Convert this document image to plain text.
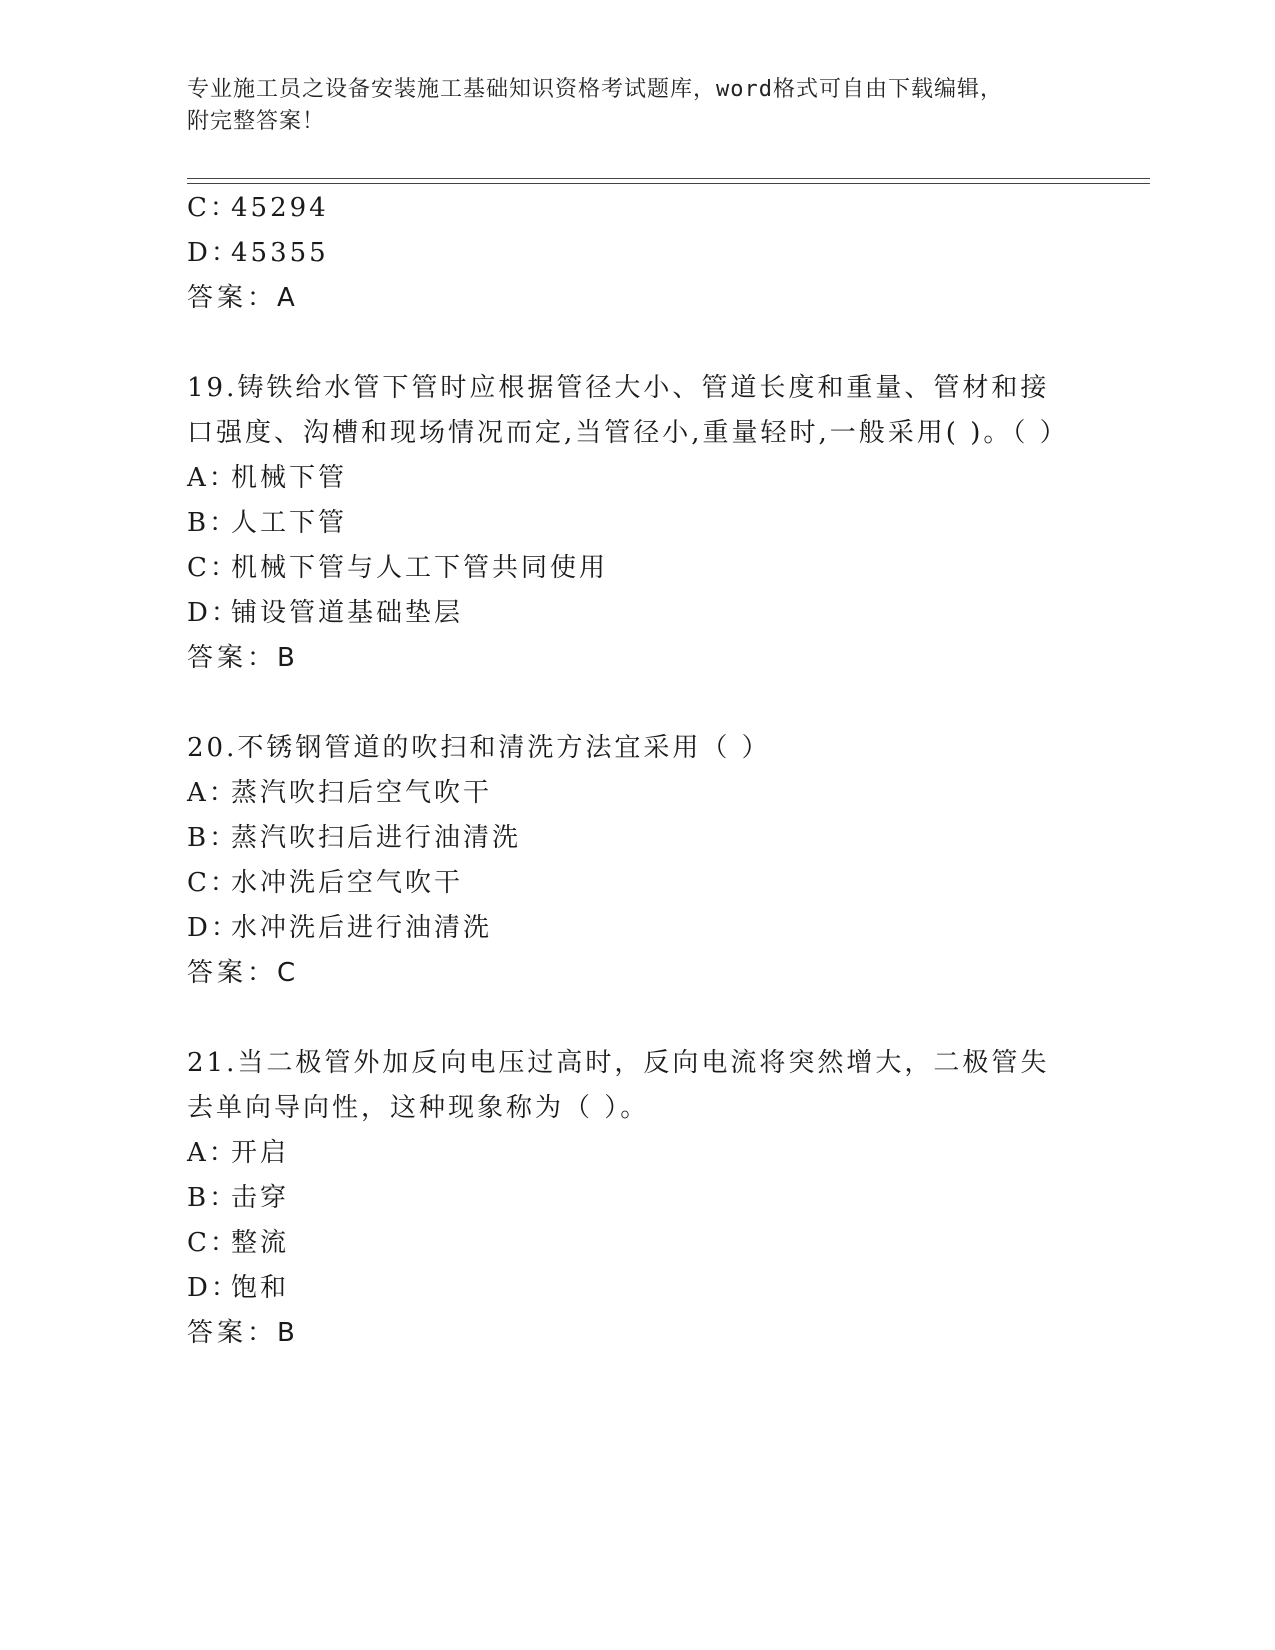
专业施工员之设备安装施工基础知识资格考试题库，word格式可自由下载编辑，
附完整答案！
C：45294
D：45355
答案：A
19.铸铁给水管下管时应根据管径大小、管道长度和重量、管材和接口强度、沟槽和现场情况而定,当管径小,重量轻时,一般采用( )。（ ）
A：机械下管
B：人工下管
C：机械下管与人工下管共同使用
D：铺设管道基础垫层
答案：B
20.不锈钢管道的吹扫和清洗方法宜采用（ ）
A：蒸汽吹扫后空气吹干
B：蒸汽吹扫后进行油清洗
C：水冲洗后空气吹干
D：水冲洗后进行油清洗
答案：C
21.当二极管外加反向电压过高时，反向电流将突然增大，二极管失去单向导向性，这种现象称为（ ）。
A：开启
B：击穿
C：整流
D：饱和
答案：B
